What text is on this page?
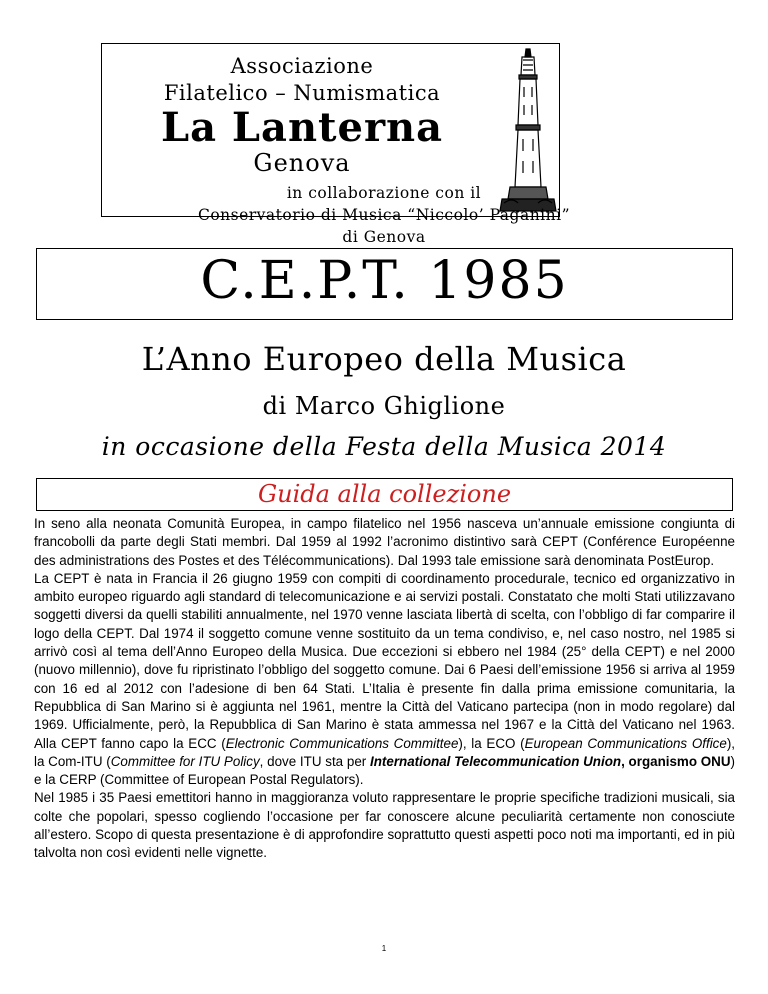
Associazione
Filatelico – Numismatica
La Lanterna
Genova
in collaborazione con il
Conservatorio di Musica “Niccolo’ Paganini”
di Genova
C.E.P.T. 1985
L’Anno Europeo della Musica
di Marco Ghiglione
in occasione della Festa della Musica 2014
Guida alla collezione

In seno alla neonata Comunità Europea, in campo filatelico nel 1956 nasceva un’annuale emissione congiunta di francobolli da parte degli Stati membri. Dal 1959 al 1992 l’acronimo distintivo sarà CEPT (Conférence Européenne des administrations des Postes et des Télécommunications). Dal 1993 tale emissione sarà denominata PostEurop.

La CEPT è nata in Francia il 26 giugno 1959 con compiti di coordinamento procedurale, tecnico ed organizzativo in ambito europeo riguardo agli standard di telecomunicazione e ai servizi postali. Constatato che molti Stati utilizzavano soggetti diversi da quelli stabiliti annualmente, nel 1970 venne lasciata libertà di scelta, con l’obbligo di far comparire il logo della CEPT. Dal 1974 il soggetto comune venne sostituito da un tema condiviso, e, nel caso nostro, nel 1985 si arrivò così al tema dell’Anno Europeo della Musica. Due eccezioni si ebbero nel 1984 (25° della CEPT) e nel 2000 (nuovo millennio), dove fu ripristinato l’obbligo del soggetto comune. Dai 6 Paesi dell’emissione 1956 si arriva al 1959 con 16 ed al 2012 con l’adesione di ben 64 Stati. L’Italia è presente fin dalla prima emissione comunitaria, la Repubblica di San Marino si è aggiunta nel 1961, mentre la Città del Vaticano partecipa (non in modo regolare) dal 1969. Ufficialmente, però, la Repubblica di San Marino è stata ammessa nel 1967 e la Città del Vaticano nel 1963. Alla CEPT fanno capo la ECC (Electronic Communications Committee), la ECO (European Communications Office), la Com-ITU (Committee for ITU Policy, dove ITU sta per International Telecommunication Union, organismo ONU) e la CERP (Committee of European Postal Regulators).

Nel 1985 i 35 Paesi emettitori hanno in maggioranza voluto rappresentare le proprie specifiche tradizioni musicali, sia colte che popolari, spesso cogliendo l’occasione per far conoscere alcune peculiarità certamente non conosciute all’estero. Scopo di questa presentazione è di approfondire soprattutto questi aspetti poco noti ma importanti, ed in più talvolta non così evidenti nelle vignette.

1
